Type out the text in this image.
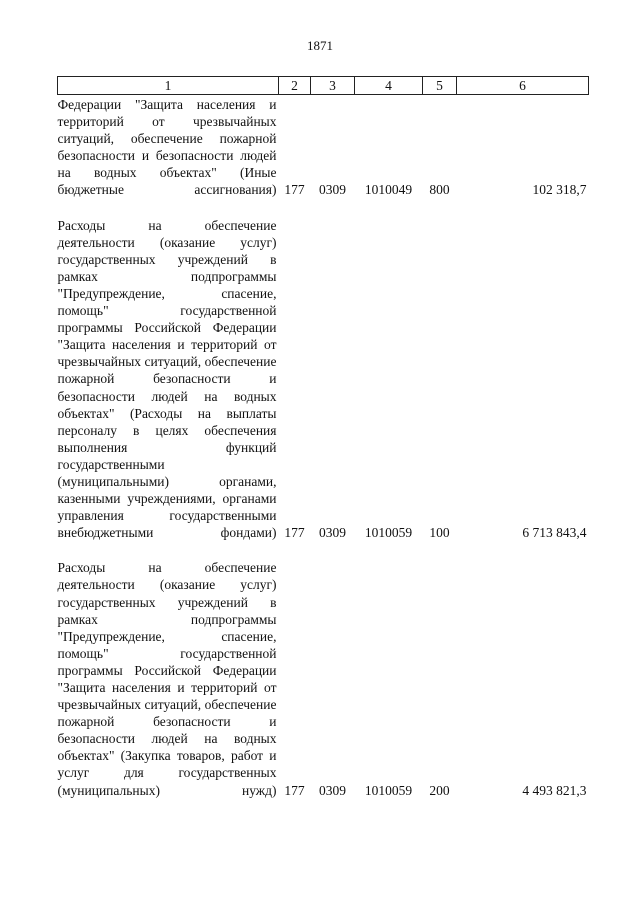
1871
1	2	3	4	5	6
Федерации "Защита населения и территорий от чрезвычайных ситуаций, обеспечение пожарной безопасности и безопасности людей на водных объектах" (Иные бюджетные ассигнования)	177	0309	1010049	800	102 318,7
Расходы на обеспечение деятельности (оказание услуг) государственных учреждений в рамках подпрограммы "Предупреждение, спасение, помощь" государственной программы Российской Федерации "Защита населения и территорий от чрезвычайных ситуаций, обеспечение пожарной безопасности и безопасности людей на водных объектах" (Расходы на выплаты персоналу в целях обеспечения выполнения функций государственными (муниципальными) органами, казенными учреждениями, органами управления государственными внебюджетными фондами)	177	0309	1010059	100	6 713 843,4
Расходы на обеспечение деятельности (оказание услуг) государственных учреждений в рамках подпрограммы "Предупреждение, спасение, помощь" государственной программы Российской Федерации "Защита населения и территорий от чрезвычайных ситуаций, обеспечение пожарной безопасности и безопасности людей на водных объектах" (Закупка товаров, работ и услуг для государственных (муниципальных) нужд)	177	0309	1010059	200	4 493 821,3
